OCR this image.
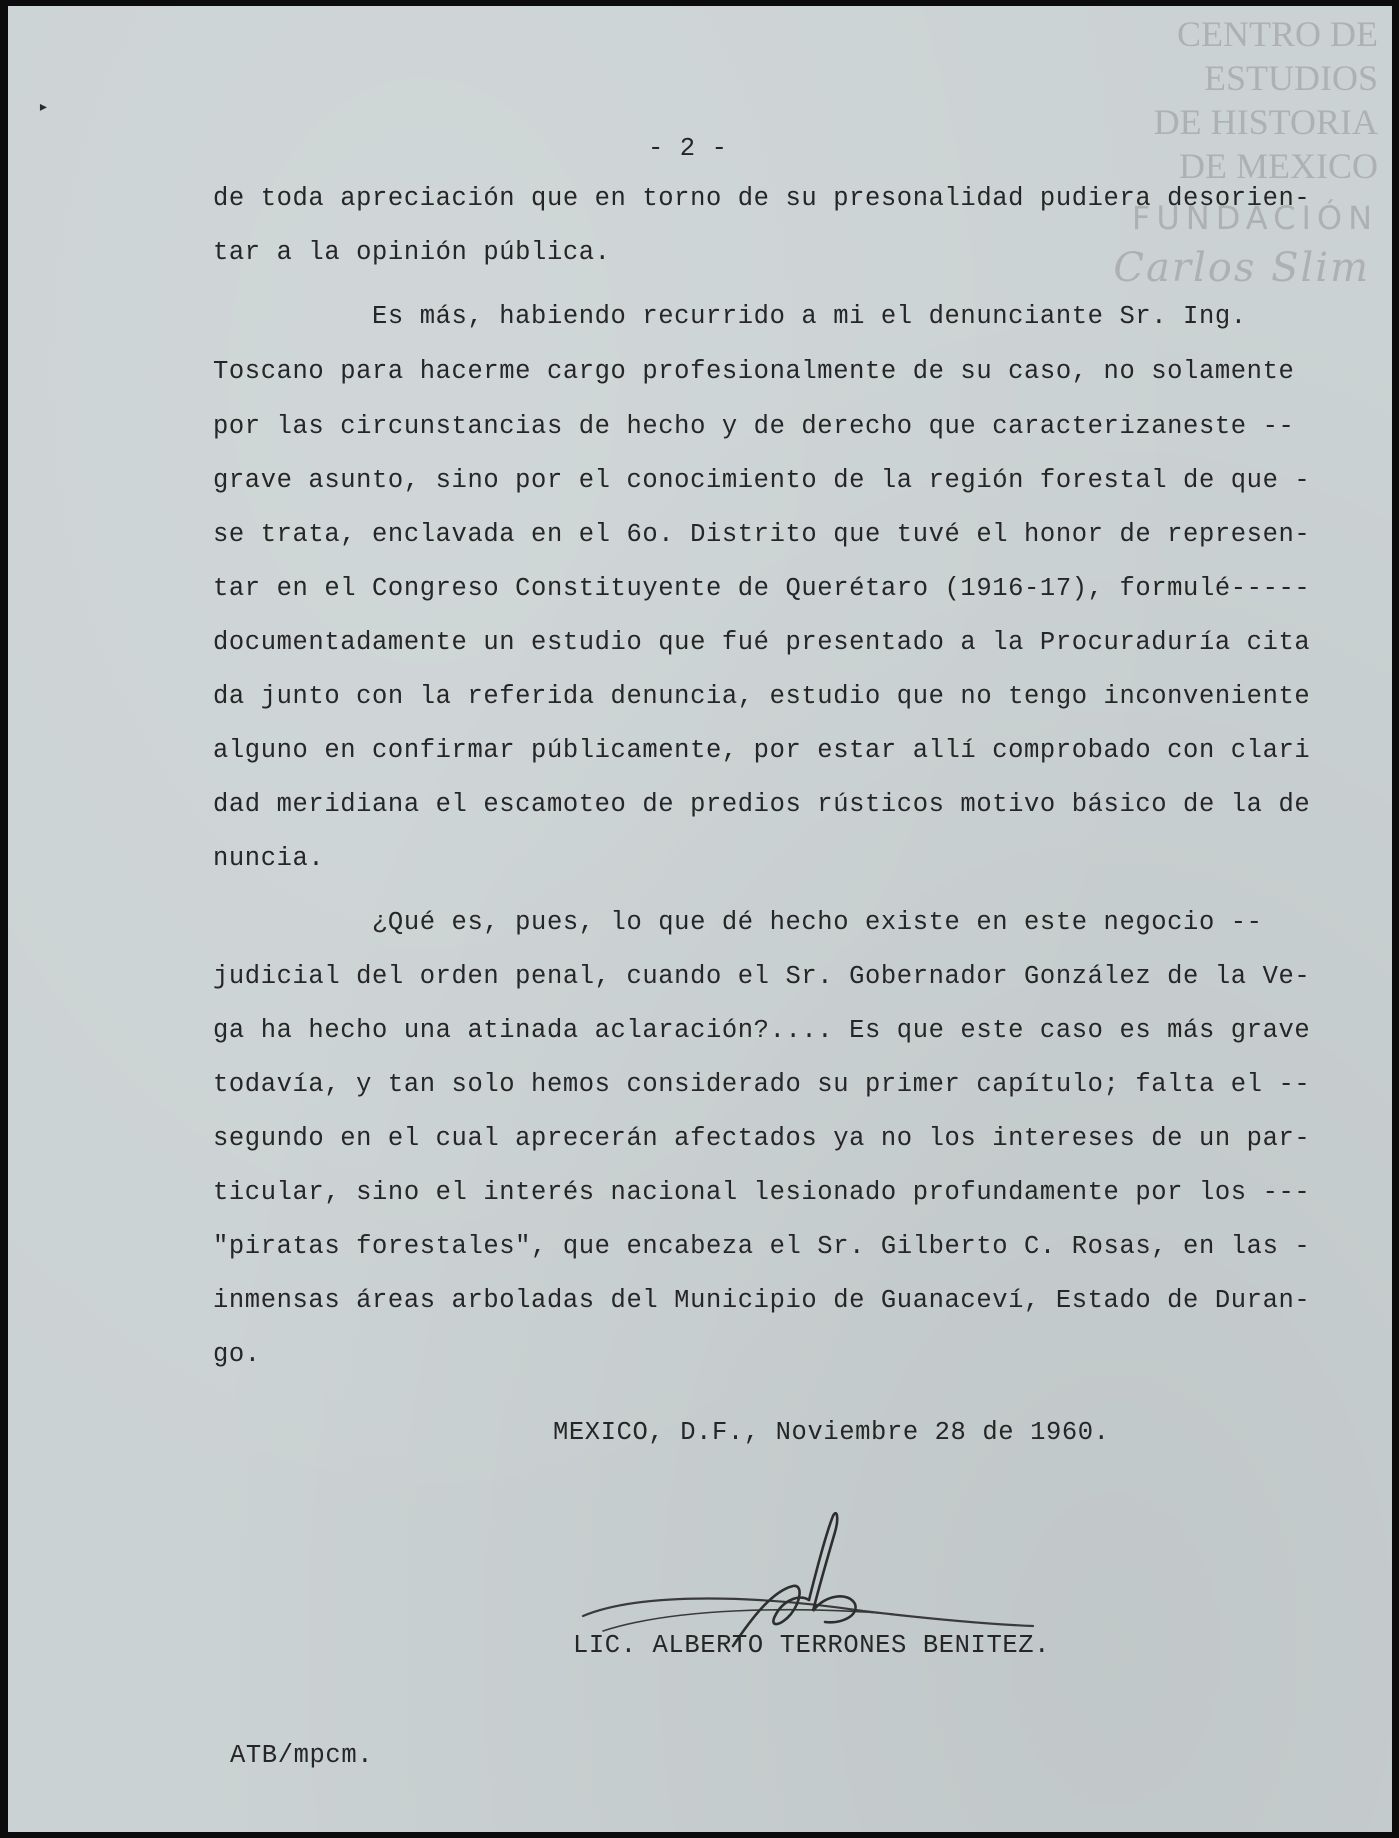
CENTRO DE
ESTUDIOS
DE HISTORIA
DE MEXICO
FUNDACIÓN
Carlos Slim
▸
- 2 -
de toda apreciación que en torno de su presonalidad pudiera desorien-
tar a la opinión pública.
Es más, habiendo recurrido a mi el denunciante Sr. Ing.
Toscano para hacerme cargo profesionalmente de su caso, no solamente
por las circunstancias de hecho y de derecho que caracterizaneste --
grave asunto, sino por el conocimiento de la región forestal de que -
se trata, enclavada en el 6o. Distrito que tuvé el honor de represen-
tar en el Congreso Constituyente de Querétaro (1916-17), formulé-----
documentadamente un estudio que fué presentado a la Procuraduría cita
da junto con la referida denuncia, estudio que no tengo inconveniente
alguno en confirmar públicamente, por estar allí comprobado con clari
dad meridiana el escamoteo de predios rústicos motivo básico de la de
nuncia.
¿Qué es, pues, lo que dé hecho existe en este negocio --
judicial del orden penal, cuando el Sr. Gobernador González de la Ve-
ga ha hecho una atinada aclaración?.... Es que este caso es más grave
todavía, y tan solo hemos considerado su primer capítulo; falta el --
segundo en el cual aprecerán afectados ya no los intereses de un par-
ticular, sino el interés nacional lesionado profundamente por los ---
"piratas forestales", que encabeza el Sr. Gilberto C. Rosas, en las -
inmensas áreas arboladas del Municipio de Guanaceví, Estado de Duran-
go.
MEXICO, D.F., Noviembre 28 de 1960.
LIC. ALBERTO TERRONES BENITEZ.
ATB/mpcm.
